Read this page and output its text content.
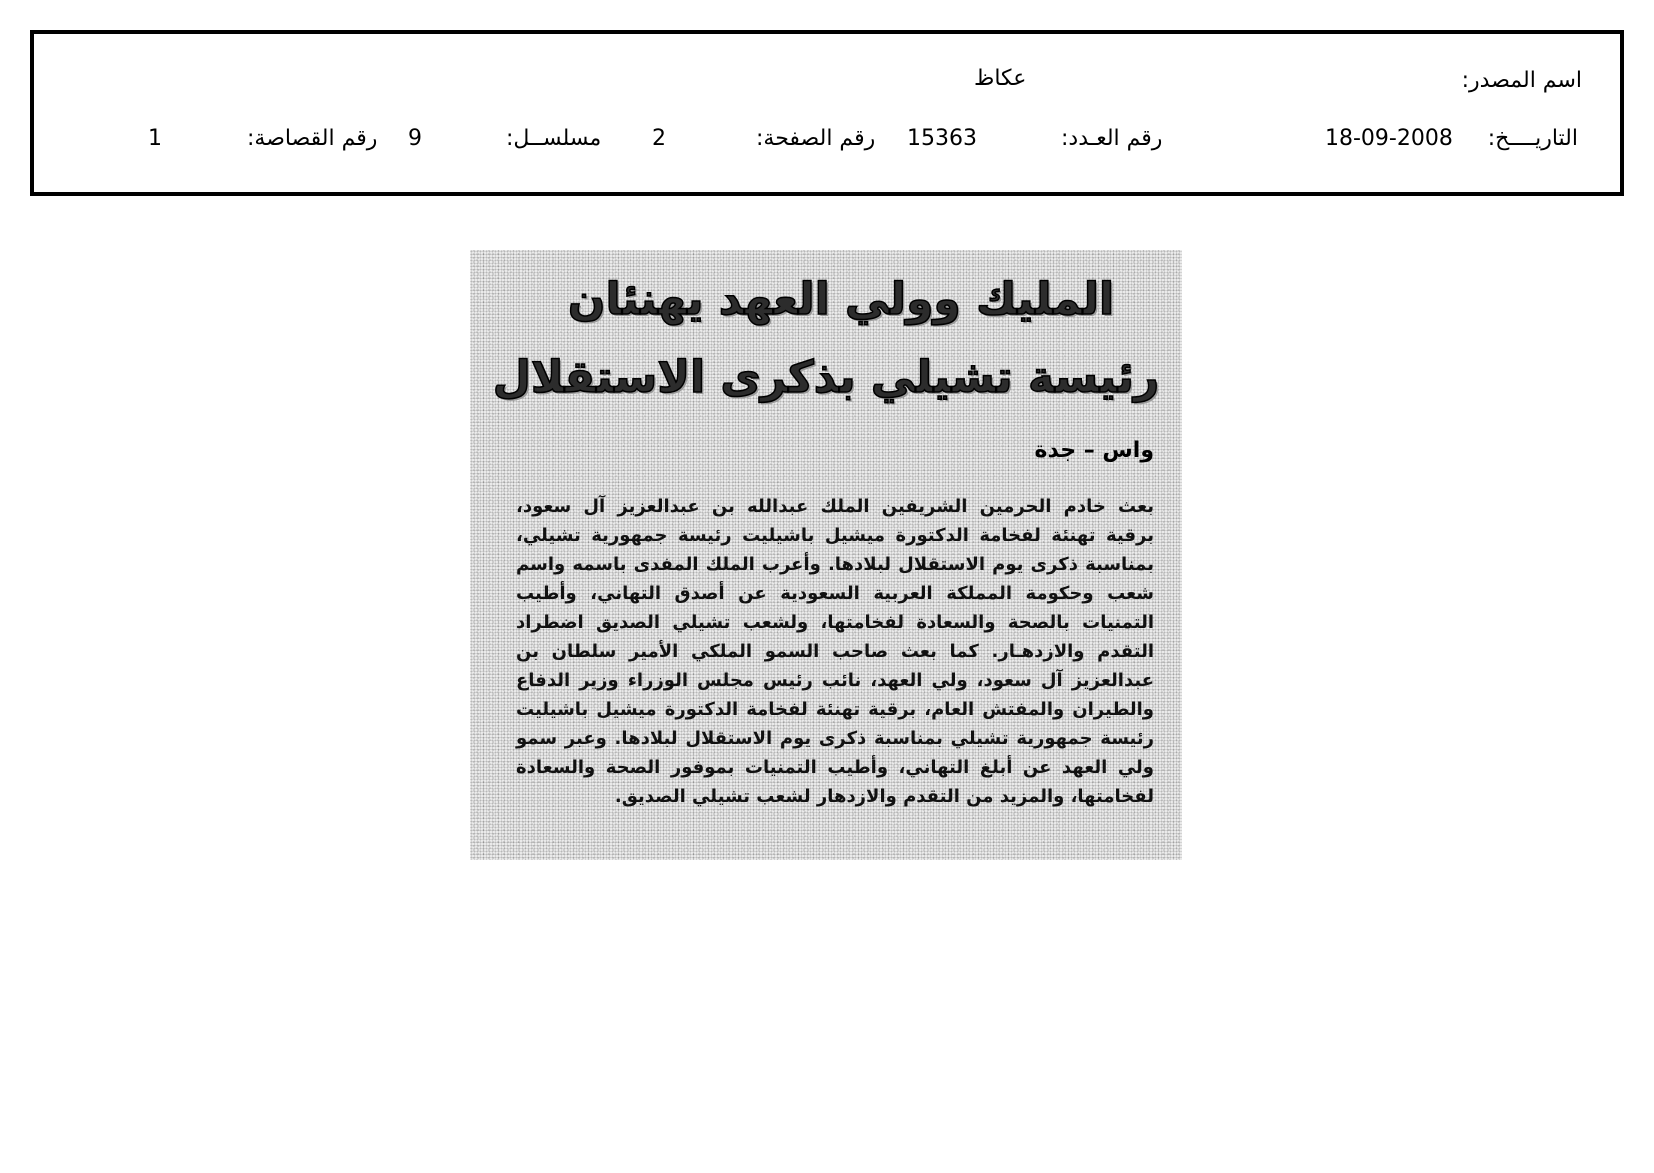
اسم المصدر:
عكاظ
التاريــــخ:
18-09-2008
رقم العـدد:
15363
رقم الصفحة:
2
مسلســل:
9
رقم القصاصة:
1
المليك وولي العهد يهنئان
رئيسة تشيلي بذكرى الاستقلال
واس – جدة

بعث خادم الحرمين الشريفين الملك عبدالله بن عبدالعزيز آل سعود، برقية تهنئة لفخامة الدكتورة ميشيل باشيليت رئيسة جمهورية تشيلي، بمناسبة ذكرى يوم الاستقلال لبلادها. وأعرب الملك المفدى باسمه واسم شعب وحكومة المملكة العربية السعودية عن أصدق التهاني، وأطيب التمنيات بالصحة والسعادة لفخامتها، ولشعب تشيلي الصديق اضطراد التقدم والازدهـار. كما بعث صاحب السمو الملكي الأمير سلطان بن عبدالعزيز آل سعود، ولي العهد، نائب رئيس مجلس الوزراء وزير الدفاع والطيران والمفتش العام، برقية تهنئة لفخامة الدكتورة ميشيل باشيليت رئيسة جمهورية تشيلي بمناسبة ذكرى يوم الاستقلال لبلادها. وعبر سمو ولي العهد عن أبلغ التهاني، وأطيب التمنيات بموفور الصحة والسعادة لفخامتها، والمزيد من التقدم والازدهار لشعب تشيلي الصديق.
